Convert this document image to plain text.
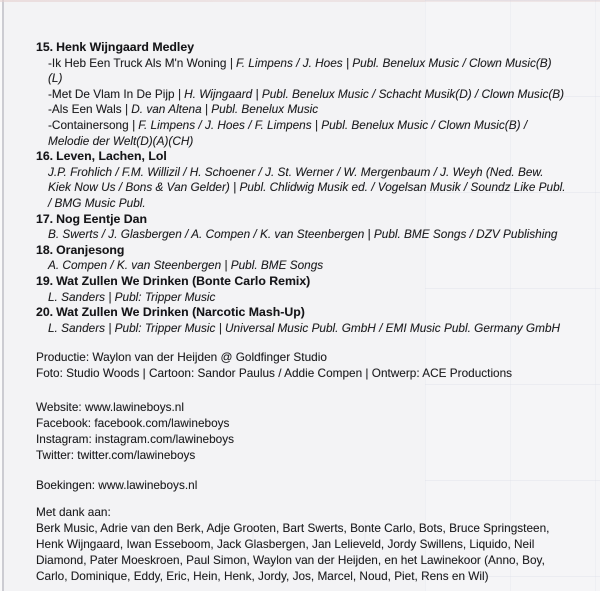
15. Henk Wijngaard Medley
-Ik Heb Een Truck Als M'n Woning | F. Limpens / J. Hoes | Publ. Benelux Music / Clown Music(B)(L)
-Met De Vlam In De Pijp | H. Wijngaard | Publ. Benelux Music / Schacht Musik(D) / Clown Music(B)
-Als Een Wals | D. van Altena | Publ. Benelux Music
-Containersong | F. Limpens / J. Hoes / F. Limpens | Publ. Benelux Music / Clown Music(B) / Melodie der Welt(D)(A)(CH)
16. Leven, Lachen, Lol
J.P. Frohlich / F.M. Willizil / H. Schoener / J. St. Werner / W. Mergenbaum / J. Weyh (Ned. Bew. Kiek Now Us / Bons & Van Gelder) | Publ. Chlidwig Musik ed. / Vogelsan Musik / Soundz Like Publ. / BMG Music Publ.
17. Nog Eentje Dan
B. Swerts / J. Glasbergen / A. Compen / K. van Steenbergen | Publ. BME Songs / DZV Publishing
18. Oranjesong
A. Compen / K. van Steenbergen | Publ. BME Songs
19. Wat Zullen We Drinken (Bonte Carlo Remix)
L. Sanders | Publ: Tripper Music
20. Wat Zullen We Drinken (Narcotic Mash-Up)
L. Sanders | Publ: Tripper Music | Universal Music Publ. GmbH / EMI Music Publ. Germany GmbH
Productie: Waylon van der Heijden @ Goldfinger Studio
Foto: Studio Woods | Cartoon: Sandor Paulus / Addie Compen | Ontwerp: ACE Productions
Website: www.lawineboys.nl
Facebook: facebook.com/lawineboys
Instagram: instagram.com/lawineboys
Twitter: twitter.com/lawineboys
Boekingen: www.lawineboys.nl
Met dank aan:
Berk Music, Adrie van den Berk, Adje Grooten, Bart Swerts, Bonte Carlo, Bots, Bruce Springsteen, Henk Wijngaard, Iwan Esseboom, Jack Glasbergen, Jan Lelieveld, Jordy Swillens, Liquido, Neil Diamond, Pater Moeskroen, Paul Simon, Waylon van der Heijden, en het Lawinekoor (Anno, Boy, Carlo, Dominique, Eddy, Eric, Hein, Henk, Jordy, Jos, Marcel, Noud, Piet, Rens en Wil)
